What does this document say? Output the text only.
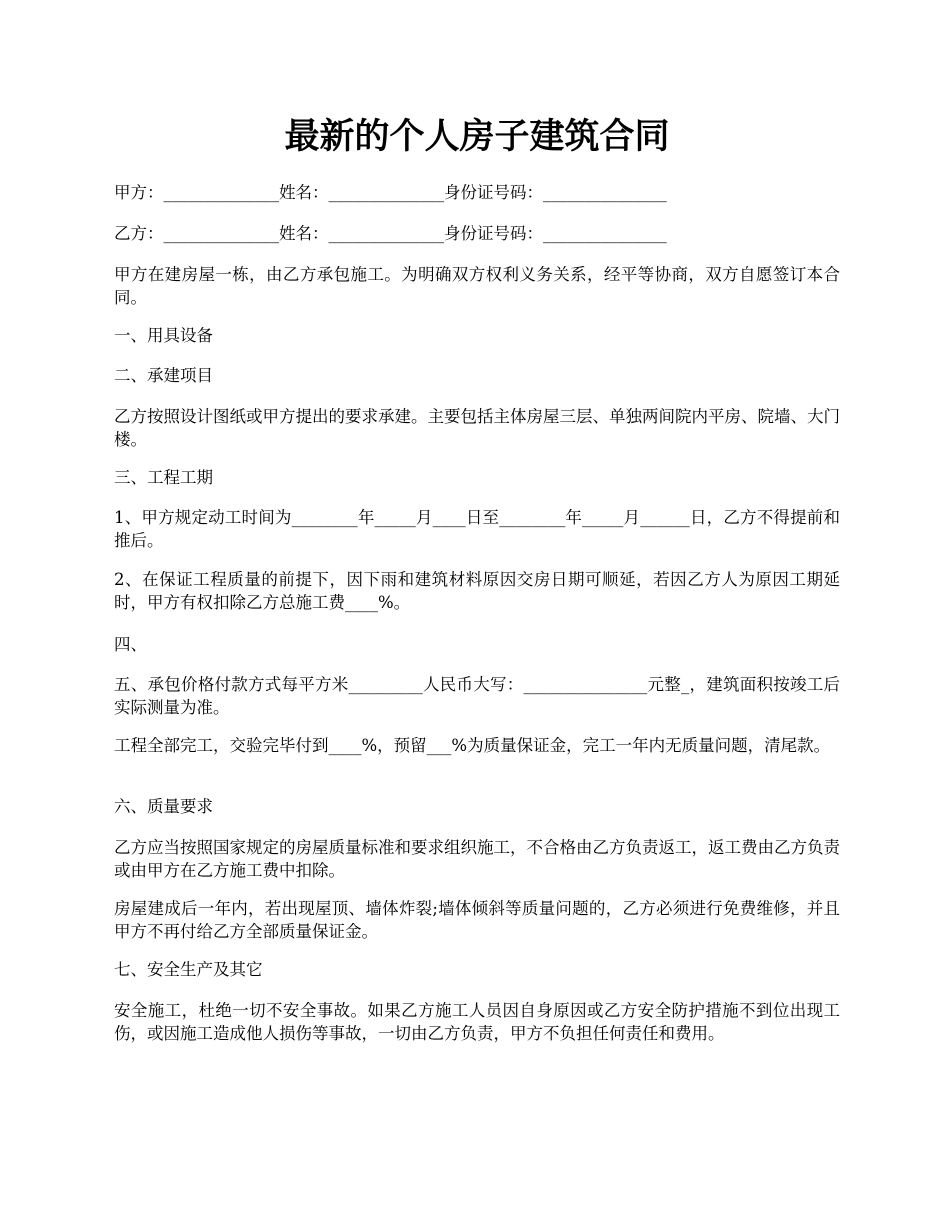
最新的个人房子建筑合同

甲方：______________姓名：______________身份证号码：_______________

乙方：______________姓名：______________身份证号码：_______________

甲方在建房屋一栋，由乙方承包施工。为明确双方权利义务关系，经平等协商，双方自愿签订本合同。

一、用具设备

二、承建项目

乙方按照设计图纸或甲方提出的要求承建。主要包括主体房屋三层、单独两间院内平房、院墙、大门楼。

三、工程工期

1、甲方规定动工时间为________年_____月____日至________年_____月______日，乙方不得提前和推后。

2、在保证工程质量的前提下，因下雨和建筑材料原因交房日期可顺延，若因乙方人为原因工期延时，甲方有权扣除乙方总施工费____%。

四、

五、承包价格付款方式每平方米_________人民币大写：_______________元整_，建筑面积按竣工后实际测量为准。

工程全部完工，交验完毕付到____%，预留___%为质量保证金，完工一年内无质量问题，清尾款。

六、质量要求

乙方应当按照国家规定的房屋质量标准和要求组织施工，不合格由乙方负责返工，返工费由乙方负责或由甲方在乙方施工费中扣除。

房屋建成后一年内，若出现屋顶、墙体炸裂;墙体倾斜等质量问题的，乙方必须进行免费维修，并且甲方不再付给乙方全部质量保证金。

七、安全生产及其它

安全施工，杜绝一切不安全事故。如果乙方施工人员因自身原因或乙方安全防护措施不到位出现工伤，或因施工造成他人损伤等事故，一切由乙方负责，甲方不负担任何责任和费用。
